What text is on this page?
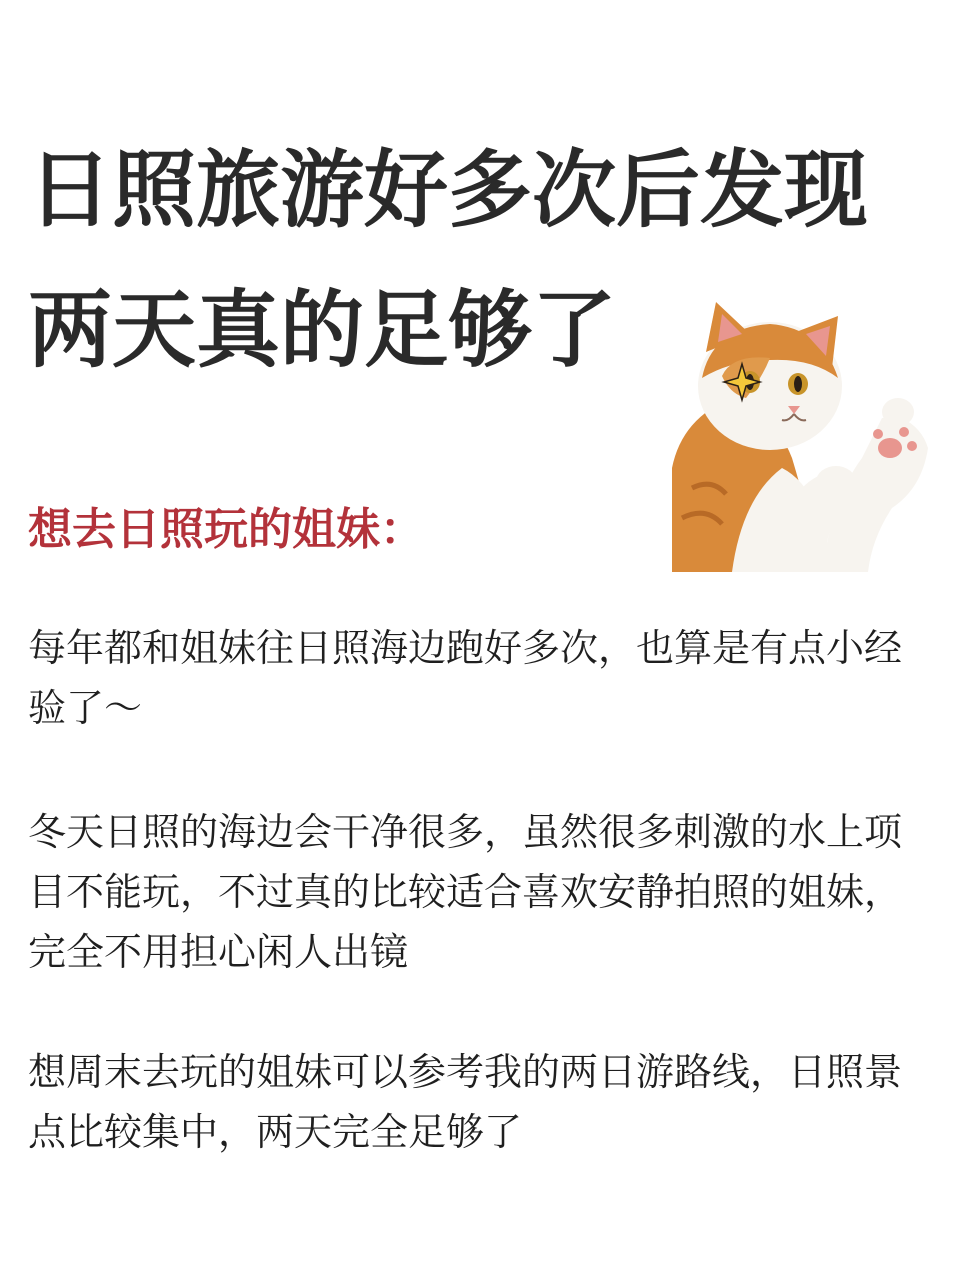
日照旅游好多次后发现
两天真的足够了
想去日照玩的姐妹：

每年都和姐妹往日照海边跑好多次，也算是有点小经验了～

冬天日照的海边会干净很多，虽然很多刺激的水上项目不能玩，不过真的比较适合喜欢安静拍照的姐妹，完全不用担心闲人出镜

想周末去玩的姐妹可以参考我的两日游路线，日照景点比较集中，两天完全足够了
